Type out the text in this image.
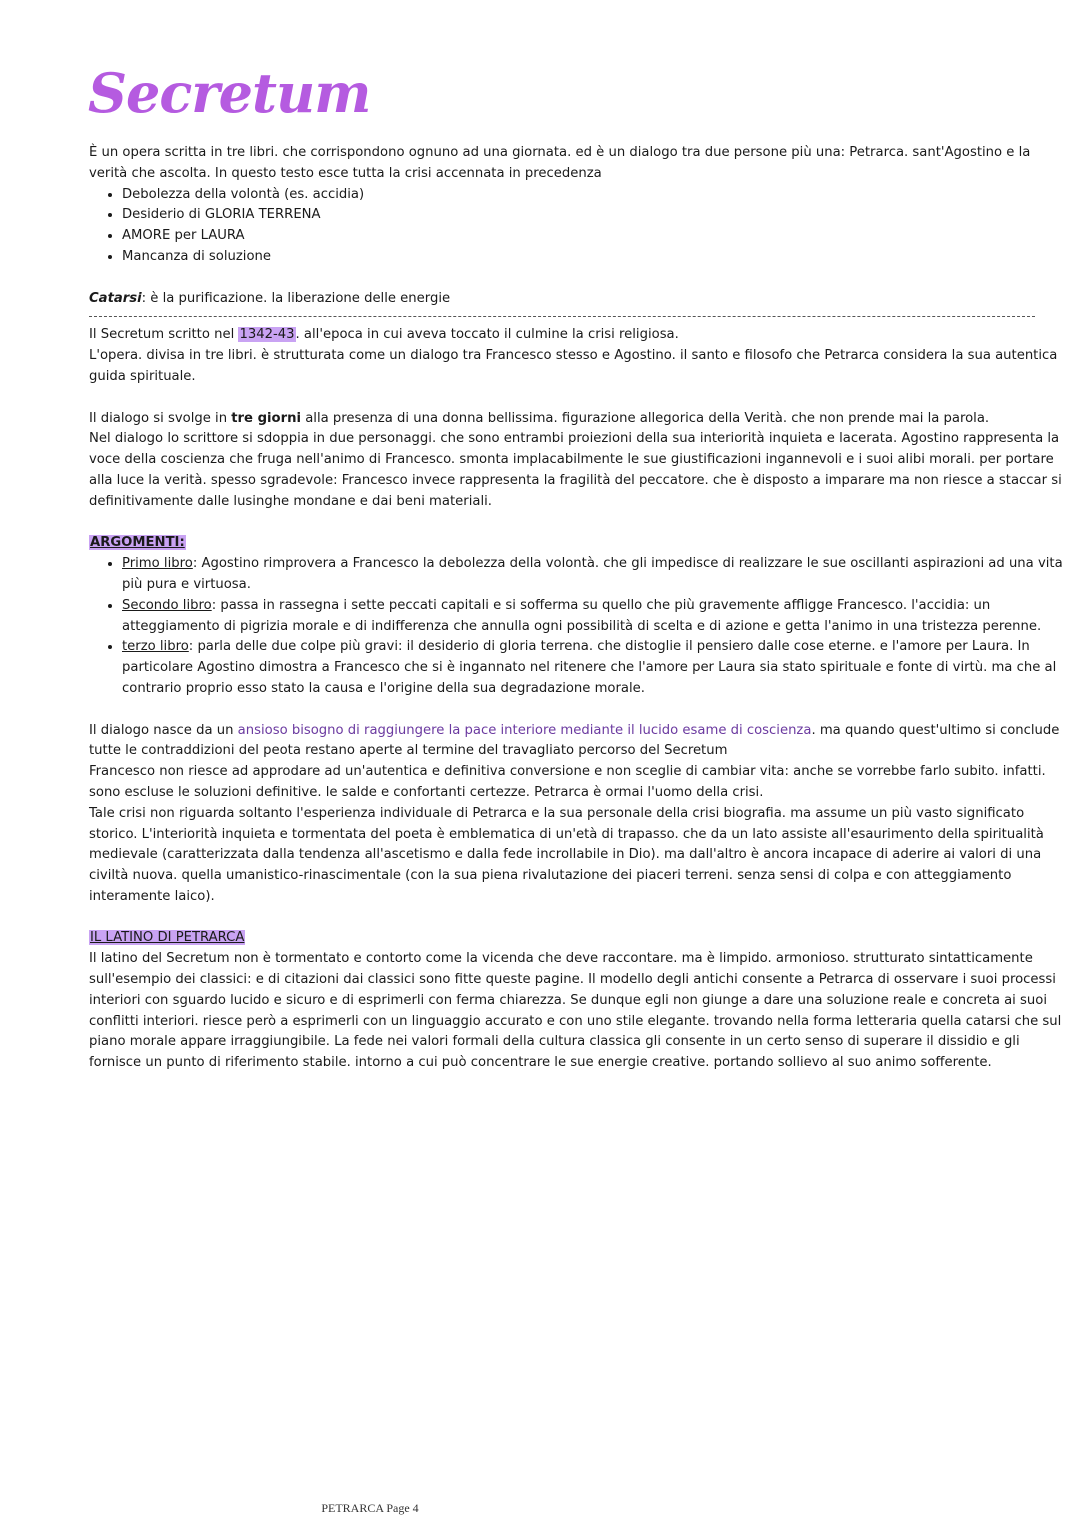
Secretum

È un opera scritta in tre libri. che corrispondono ognuno ad una giornata. ed è un dialogo tra due persone più una: Petrarca. sant'Agostino e la verità che ascolta. In questo testo esce tutta la crisi accennata in precedenza

• Debolezza della volontà (es. accidia)
• Desiderio di GLORIA TERRENA
• AMORE per LAURA
• Mancanza di soluzione

Catarsi: è la purificazione. la liberazione delle energie

Il Secretum scritto nel 1342-43. all'epoca in cui aveva toccato il culmine la crisi religiosa.

L'opera. divisa in tre libri. è strutturata come un dialogo tra Francesco stesso e Agostino. il santo e filosofo che Petrarca considera la sua autentica guida spirituale.

Il dialogo si svolge in tre giorni alla presenza di una donna bellissima. figurazione allegorica della Verità. che non prende mai la parola.

Nel dialogo lo scrittore si sdoppia in due personaggi. che sono entrambi proiezioni della sua interiorità inquieta e lacerata. Agostino rappresenta la voce della coscienza che fruga nell'animo di Francesco. smonta implacabilmente le sue giustificazioni ingannevoli e i suoi alibi morali. per portare alla luce la verità. spesso sgradevole: Francesco invece rappresenta la fragilità del peccatore. che è disposto a imparare ma non riesce a staccar si definitivamente dalle lusinghe mondane e dai beni materiali.

ARGOMENTI:

• Primo libro: Agostino rimprovera a Francesco la debolezza della volontà. che gli impedisce di realizzare le sue oscillanti aspirazioni ad una vita più pura e virtuosa.
• Secondo libro: passa in rassegna i sette peccati capitali e si sofferma su quello che più gravemente affligge Francesco. l'accidia: un atteggiamento di pigrizia morale e di indifferenza che annulla ogni possibilità di scelta e di azione e getta l'animo in una tristezza perenne.
• terzo libro: parla delle due colpe più gravi: il desiderio di gloria terrena. che distoglie il pensiero dalle cose eterne. e l'amore per Laura. In particolare Agostino dimostra a Francesco che si è ingannato nel ritenere che l'amore per Laura sia stato spirituale e fonte di virtù. ma che al contrario proprio esso stato la causa e l'origine della sua degradazione morale.

Il dialogo nasce da un ansioso bisogno di raggiungere la pace interiore mediante il lucido esame di coscienza. ma quando quest'ultimo si conclude tutte le contraddizioni del peota restano aperte al termine del travagliato percorso del Secretum

Francesco non riesce ad approdare ad un'autentica e definitiva conversione e non sceglie di cambiar vita: anche se vorrebbe farlo subito. infatti. sono escluse le soluzioni definitive. le salde e confortanti certezze. Petrarca è ormai l'uomo della crisi.

Tale crisi non riguarda soltanto l'esperienza individuale di Petrarca e la sua personale della crisi biografia. ma assume un più vasto significato storico. L'interiorità inquieta e tormentata del poeta è emblematica di un'età di trapasso. che da un lato assiste all'esaurimento della spiritualità medievale (caratterizzata dalla tendenza all'ascetismo e dalla fede incrollabile in Dio). ma dall'altro è ancora incapace di aderire ai valori di una civiltà nuova. quella umanistico-rinascimentale (con la sua piena rivalutazione dei piaceri terreni. senza sensi di colpa e con atteggiamento interamente laico).

IL LATINO DI PETRARCA

Il latino del Secretum non è tormentato e contorto come la vicenda che deve raccontare. ma è limpido. armonioso. strutturato sintatticamente sull'esempio dei classici: e di citazioni dai classici sono fitte queste pagine. Il modello degli antichi consente a Petrarca di osservare i suoi processi interiori con sguardo lucido e sicuro e di esprimerli con ferma chiarezza. Se dunque egli non giunge a dare una soluzione reale e concreta ai suoi conflitti interiori. riesce però a esprimerli con un linguaggio accurato e con uno stile elegante. trovando nella forma letteraria quella catarsi che sul piano morale appare irraggiungibile. La fede nei valori formali della cultura classica gli consente in un certo senso di superare il dissidio e gli fornisce un punto di riferimento stabile. intorno a cui può concentrare le sue energie creative. portando sollievo al suo animo sofferente.

PETRARCA Page 4
